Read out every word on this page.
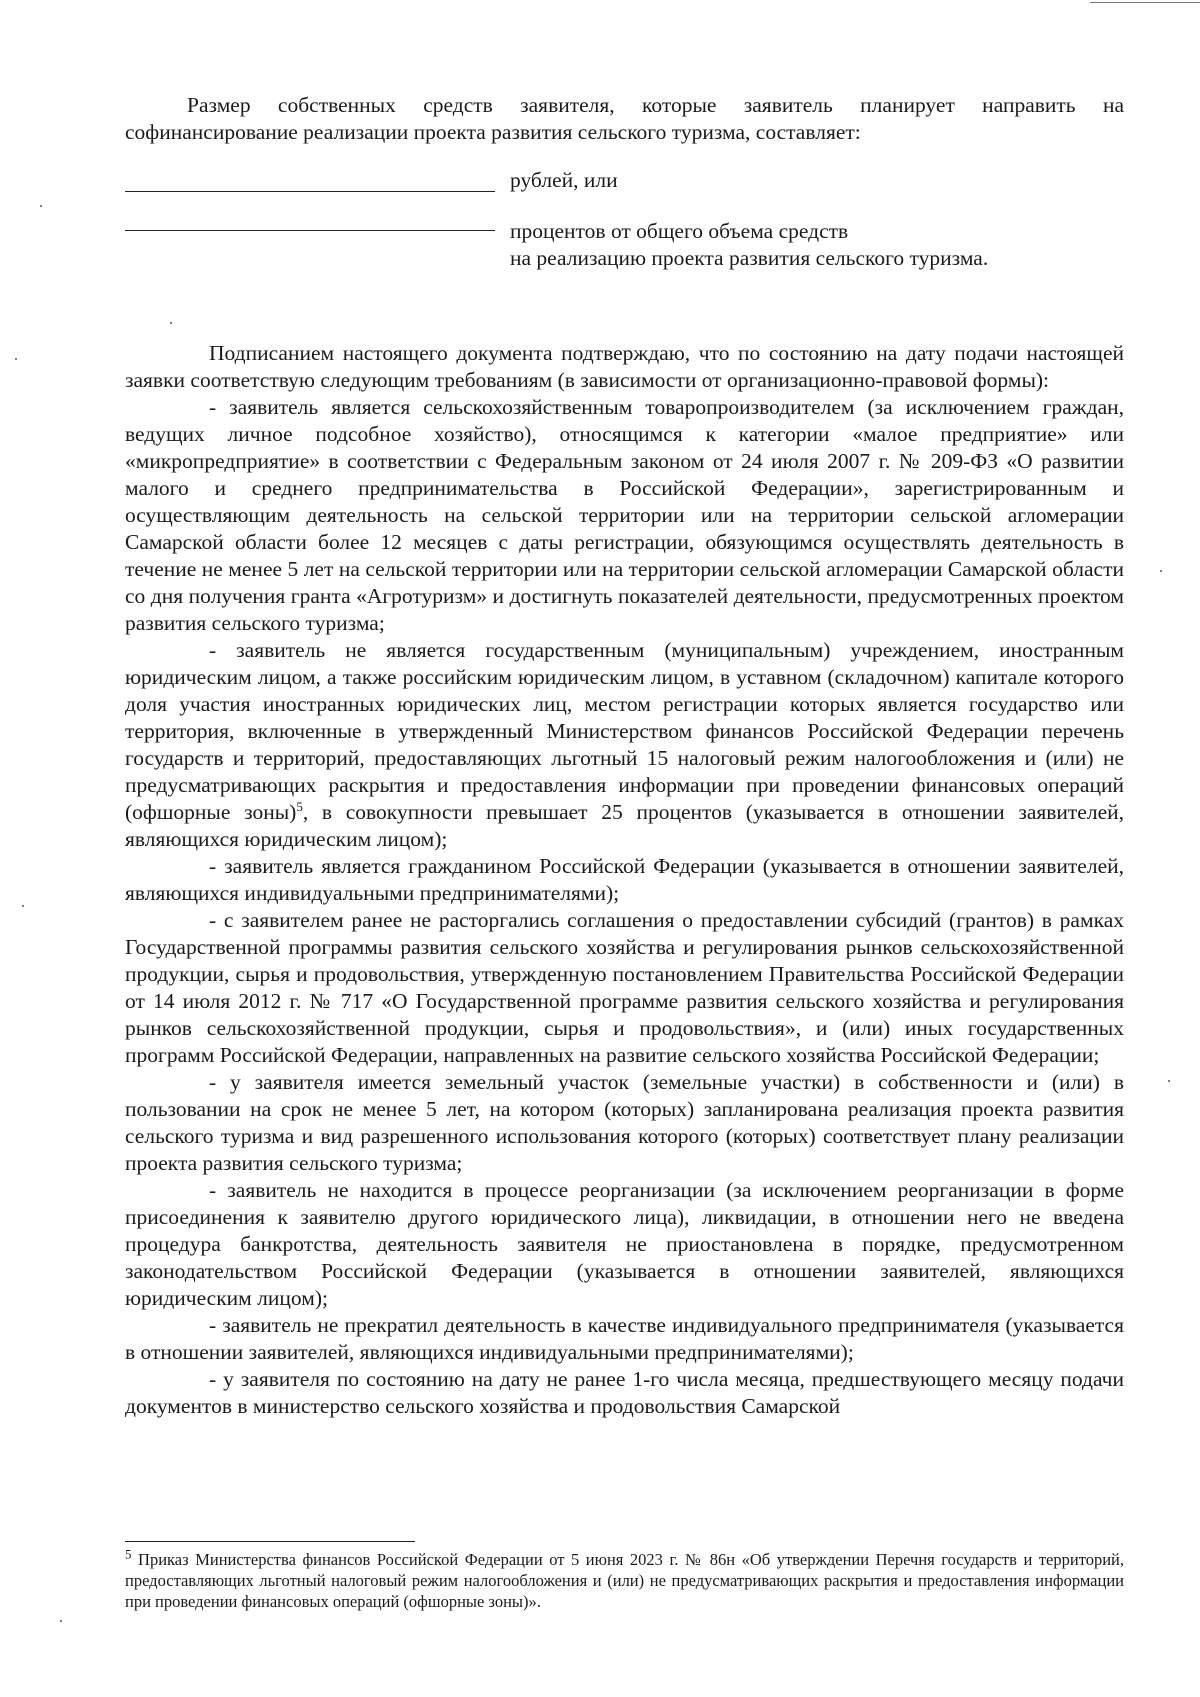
Размер собственных средств заявителя, которые заявитель планирует направить на софинансирование реализации проекта развития сельского туризма, составляет:

рублей, или
процентов от общего объема средств
на реализацию проекта развития сельского туризма.

Подписанием настоящего документа подтверждаю, что по состоянию на дату подачи настоящей заявки соответствую следующим требованиям (в зависимости от организационно-правовой формы):

- заявитель является сельскохозяйственным товаропроизводителем (за исключением граждан, ведущих личное подсобное хозяйство), относящимся к категории «малое предприятие» или «микропредприятие» в соответствии с Федеральным законом от 24 июля 2007 г. № 209-ФЗ «О развитии малого и среднего предпринимательства в Российской Федерации», зарегистрированным и осуществляющим деятельность на сельской территории или на территории сельской агломерации Самарской области более 12 месяцев с даты регистрации, обязующимся осуществлять деятельность в течение не менее 5 лет на сельской территории или на территории сельской агломерации Самарской области со дня получения гранта «Агротуризм» и достигнуть показателей деятельности, предусмотренных проектом развития сельского туризма;

- заявитель не является государственным (муниципальным) учреждением, иностранным юридическим лицом, а также российским юридическим лицом, в уставном (складочном) капитале которого доля участия иностранных юридических лиц, местом регистрации которых является государство или территория, включенные в утвержденный Министерством финансов Российской Федерации перечень государств и территорий, предоставляющих льготный 15 налоговый режим налогообложения и (или) не предусматривающих раскрытия и предоставления информации при проведении финансовых операций (офшорные зоны)$^5$, в совокупности превышает 25 процентов (указывается в отношении заявителей, являющихся юридическим лицом);

- заявитель является гражданином Российской Федерации (указывается в отношении заявителей, являющихся индивидуальными предпринимателями);

- с заявителем ранее не расторгались соглашения о предоставлении субсидий (грантов) в рамках Государственной программы развития сельского хозяйства и регулирования рынков сельскохозяйственной продукции, сырья и продовольствия, утвержденную постановлением Правительства Российской Федерации от 14 июля 2012 г. № 717 «О Государственной программе развития сельского хозяйства и регулирования рынков сельскохозяйственной продукции, сырья и продовольствия», и (или) иных государственных программ Российской Федерации, направленных на развитие сельского хозяйства Российской Федерации;

- у заявителя имеется земельный участок (земельные участки) в собственности и (или) в пользовании на срок не менее 5 лет, на котором (которых) запланирована реализация проекта развития сельского туризма и вид разрешенного использования которого (которых) соответствует плану реализации проекта развития сельского туризма;

- заявитель не находится в процессе реорганизации (за исключением реорганизации в форме присоединения к заявителю другого юридического лица), ликвидации, в отношении него не введена процедура банкротства, деятельность заявителя не приостановлена в порядке, предусмотренном законодательством Российской Федерации (указывается в отношении заявителей, являющихся юридическим лицом);

- заявитель не прекратил деятельность в качестве индивидуального предпринимателя (указывается в отношении заявителей, являющихся индивидуальными предпринимателями);

- у заявителя по состоянию на дату не ранее 1-го числа месяца, предшествующего месяцу подачи документов в министерство сельского хозяйства и продовольствия Самарской

$^5$ Приказ Министерства финансов Российской Федерации от 5 июня 2023 г. № 86н «Об утверждении Перечня государств и территорий, предоставляющих льготный налоговый режим налогообложения и (или) не предусматривающих раскрытия и предоставления информации при проведении финансовых операций (офшорные зоны)».
